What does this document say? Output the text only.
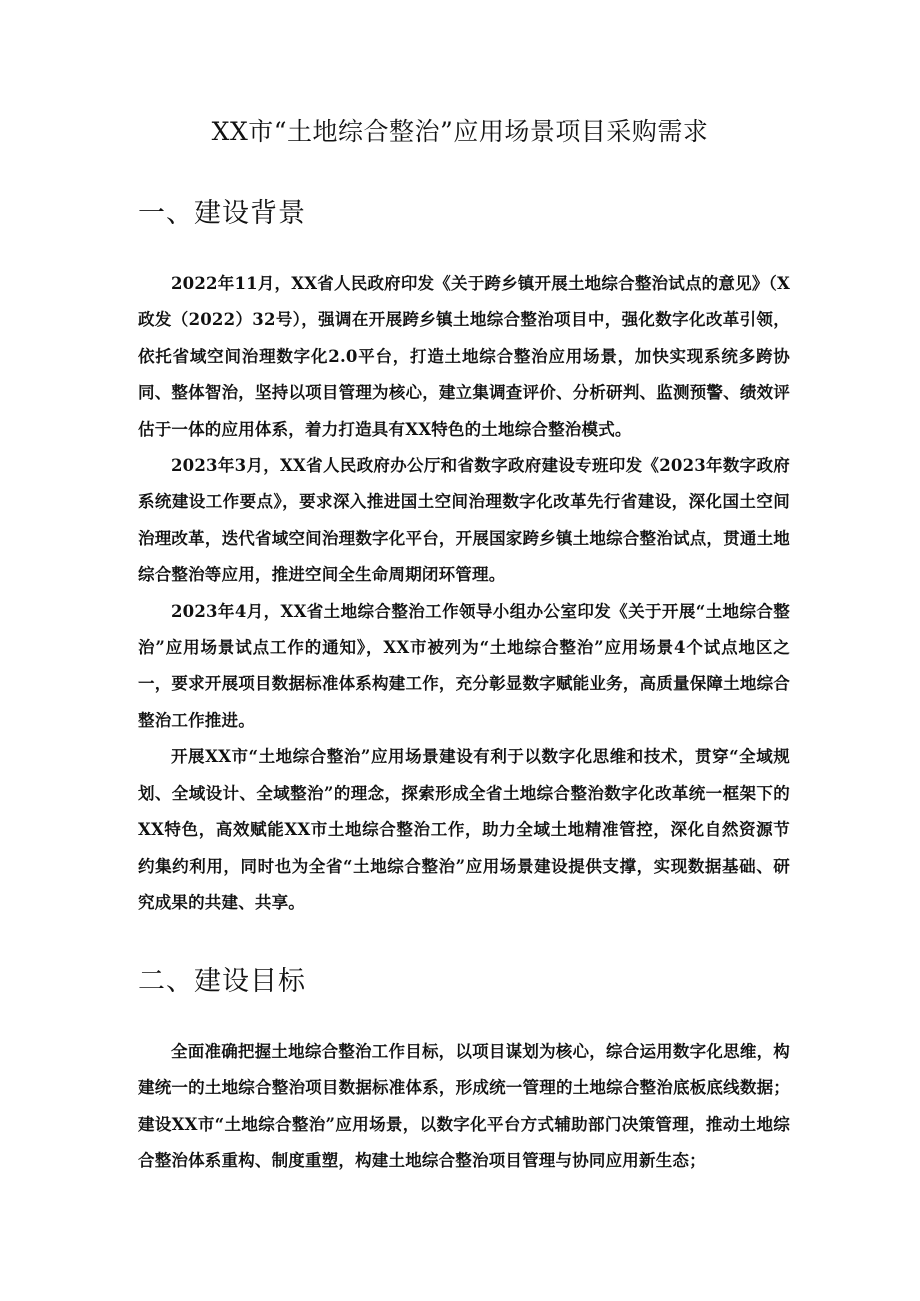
XX市“土地综合整治”应用场景项目采购需求
一、建设背景

2022年11月，XX省人民政府印发《关于跨乡镇开展土地综合整治试点的意见》（X政发（2022）32号），强调在开展跨乡镇土地综合整治项目中，强化数字化改革引领，依托省域空间治理数字化2.0平台，打造土地综合整治应用场景，加快实现系统多跨协同、整体智治，坚持以项目管理为核心，建立集调查评价、分析研判、监测预警、绩效评估于一体的应用体系，着力打造具有XX特色的土地综合整治模式。

2023年3月，XX省人民政府办公厅和省数字政府建设专班印发《2023年数字政府系统建设工作要点》，要求深入推进国土空间治理数字化改革先行省建设，深化国土空间治理改革，迭代省域空间治理数字化平台，开展国家跨乡镇土地综合整治试点，贯通土地综合整治等应用，推进空间全生命周期闭环管理。

2023年4月，XX省土地综合整治工作领导小组办公室印发《关于开展“土地综合整治”应用场景试点工作的通知》，XX市被列为“土地综合整治”应用场景4个试点地区之一，要求开展项目数据标准体系构建工作，充分彰显数字赋能业务，高质量保障土地综合整治工作推进。

开展XX市“土地综合整治”应用场景建设有利于以数字化思维和技术，贯穿“全域规划、全域设计、全域整治”的理念，探索形成全省土地综合整治数字化改革统一框架下的XX特色，高效赋能XX市土地综合整治工作，助力全域土地精准管控，深化自然资源节约集约利用，同时也为全省“土地综合整治”应用场景建设提供支撑，实现数据基础、研究成果的共建、共享。

二、建设目标

全面准确把握土地综合整治工作目标，以项目谋划为核心，综合运用数字化思维，构建统一的土地综合整治项目数据标准体系，形成统一管理的土地综合整治底板底线数据；建设XX市“土地综合整治”应用场景，以数字化平台方式辅助部门决策管理，推动土地综合整治体系重构、制度重塑，构建土地综合整治项目管理与协同应用新生态；
